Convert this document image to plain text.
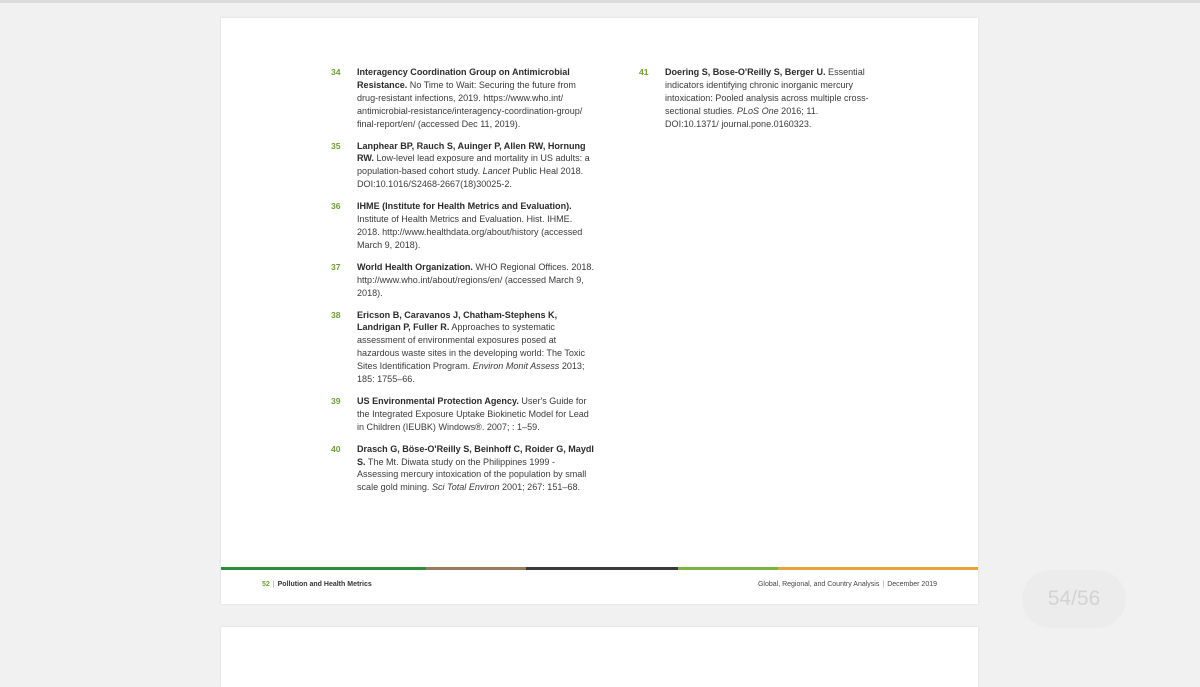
34 Interagency Coordination Group on Antimicrobial Resistance. No Time to Wait: Securing the future from drug-resistant infections, 2019. https://www.who.int/ antimicrobial-resistance/interagency-coordination-group/ final-report/en/ (accessed Dec 11, 2019).

35 Lanphear BP, Rauch S, Auinger P, Allen RW, Hornung RW. Low-level lead exposure and mortality in US adults: a population-based cohort study. Lancet Public Heal 2018. DOI:10.1016/S2468-2667(18)30025-2.

36 IHME (Institute for Health Metrics and Evaluation). Institute of Health Metrics and Evaluation. Hist. IHME. 2018. http://www.healthdata.org/about/history (accessed March 9, 2018).

37 World Health Organization. WHO Regional Offices. 2018. http://www.who.int/about/regions/en/ (accessed March 9, 2018).

38 Ericson B, Caravanos J, Chatham-Stephens K, Landrigan P, Fuller R. Approaches to systematic assessment of environmental exposures posed at hazardous waste sites in the developing world: The Toxic Sites Identification Program. Environ Monit Assess 2013; 185: 1755–66.

39 US Environmental Protection Agency. User's Guide for the Integrated Exposure Uptake Biokinetic Model for Lead in Children (IEUBK) Windows®. 2007; : 1–59.

40 Drasch G, Böse-O'Reilly S, Beinhoff C, Roider G, Maydl S. The Mt. Diwata study on the Philippines 1999 - Assessing mercury intoxication of the population by small scale gold mining. Sci Total Environ 2001; 267: 151–68.

41 Doering S, Bose-O'Reilly S, Berger U. Essential indicators identifying chronic inorganic mercury intoxication: Pooled analysis across multiple cross-sectional studies. PLoS One 2016; 11. DOI:10.1371/ journal.pone.0160323.

52 | Pollution and Health Metrics	Global, Regional, and Country Analysis | December 2019
54/56
